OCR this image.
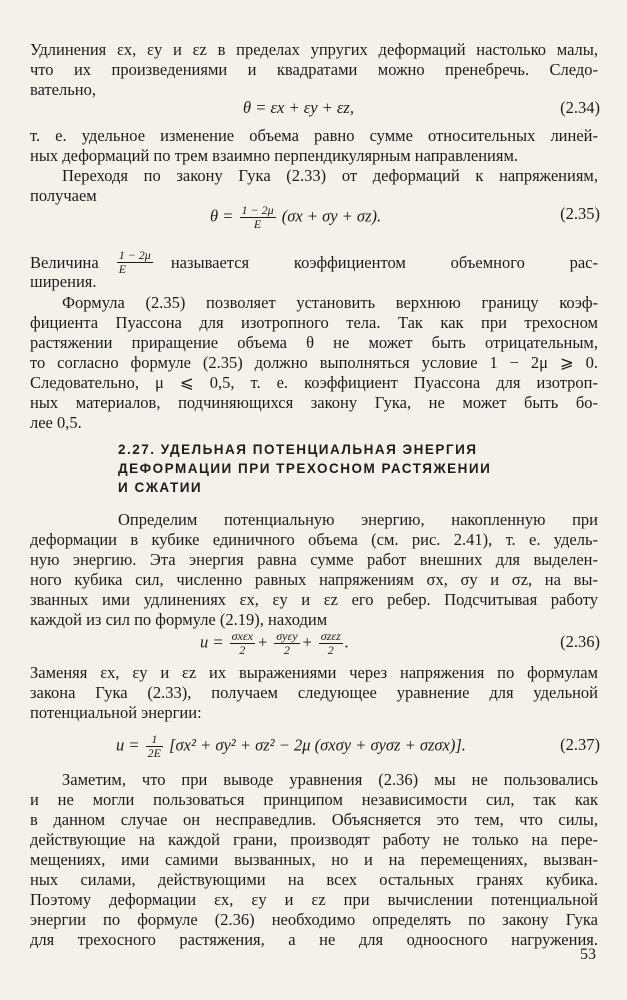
Удлинения εx, εy и εz в пределах упругих деформаций настолько малы,
что их произведениями и квадратами можно пренебречь. Следо-
вательно,
θ = εx + εy + εz,	(2.34)
т. е. удельное изменение объема равно сумме относительных линей-
ных деформаций по трем взаимно перпендикулярным направлениям.
Переходя по закону Гука (2.33) от деформаций к напряжениям,
получаем
$\theta = \frac{1 - 2\mu}{E} (\sigma x + \sigma y + \sigma z)$.	(2.35)
Величина $\frac{1 - 2\mu}{E}$ называется коэффициентом объемного рас-
ширения.
Формула (2.35) позволяет установить верхнюю границу коэф-
фициента Пуассона для изотропного тела. Так как при трехосном
растяжении приращение объема θ не может быть отрицательным,
то согласно формуле (2.35) должно выполняться условие 1 − 2μ ⩾ 0.
Следовательно, μ ⩽ 0,5, т. е. коэффициент Пуассона для изотроп-
ных материалов, подчиняющихся закону Гука, не может быть бо-
лее 0,5.
2.27. УДЕЛЬНАЯ ПОТЕНЦИАЛЬНАЯ ЭНЕРГИЯ
ДЕФОРМАЦИИ ПРИ ТРЕХОСНОМ РАСТЯЖЕНИИ
И СЖАТИИ
Определим потенциальную энергию, накопленную при
деформации в кубике единичного объема (см. рис. 2.41), т. е. удель-
ную энергию. Эта энергия равна сумме работ внешних для выделен-
ного кубика сил, численно равных напряжениям σx, σy и σz, на вы-
званных ими удлинениях εx, εy и εz его ребер. Подсчитывая работу
каждой из сил по формуле (2.19), находим
$u = \frac{\text{σxεx}}{2} + \frac{\text{σyεy}}{2} + \frac{\text{σzεz}}{2}$ .	(2.36)
Заменяя εx, εy и εz их выражениями через напряжения по формулам
закона Гука (2.33), получаем следующее уравнение для удельной
потенциальной энергии:
$u = \frac{1}{2E} [\sigma x^2 + \sigma y^2 + \sigma z^2 - 2\mu$ (σxσy + σyσz + σzσx)].	(2.37)
Заметим, что при выводе уравнения (2.36) мы не пользовались
и не могли пользоваться принципом независимости сил, так как
в данном случае он несправедлив. Объясняется это тем, что силы,
действующие на каждой грани, производят работу не только на пере-
мещениях, ими самими вызванных, но и на перемещениях, вызван-
ных силами, действующими на всех остальных гранях кубика.
Поэтому деформации εx, εy и εz при вычислении потенциальной
энергии по формуле (2.36) необходимо определять по закону Гука
для трехосного растяжения, а не для одноосного нагружения.
53
